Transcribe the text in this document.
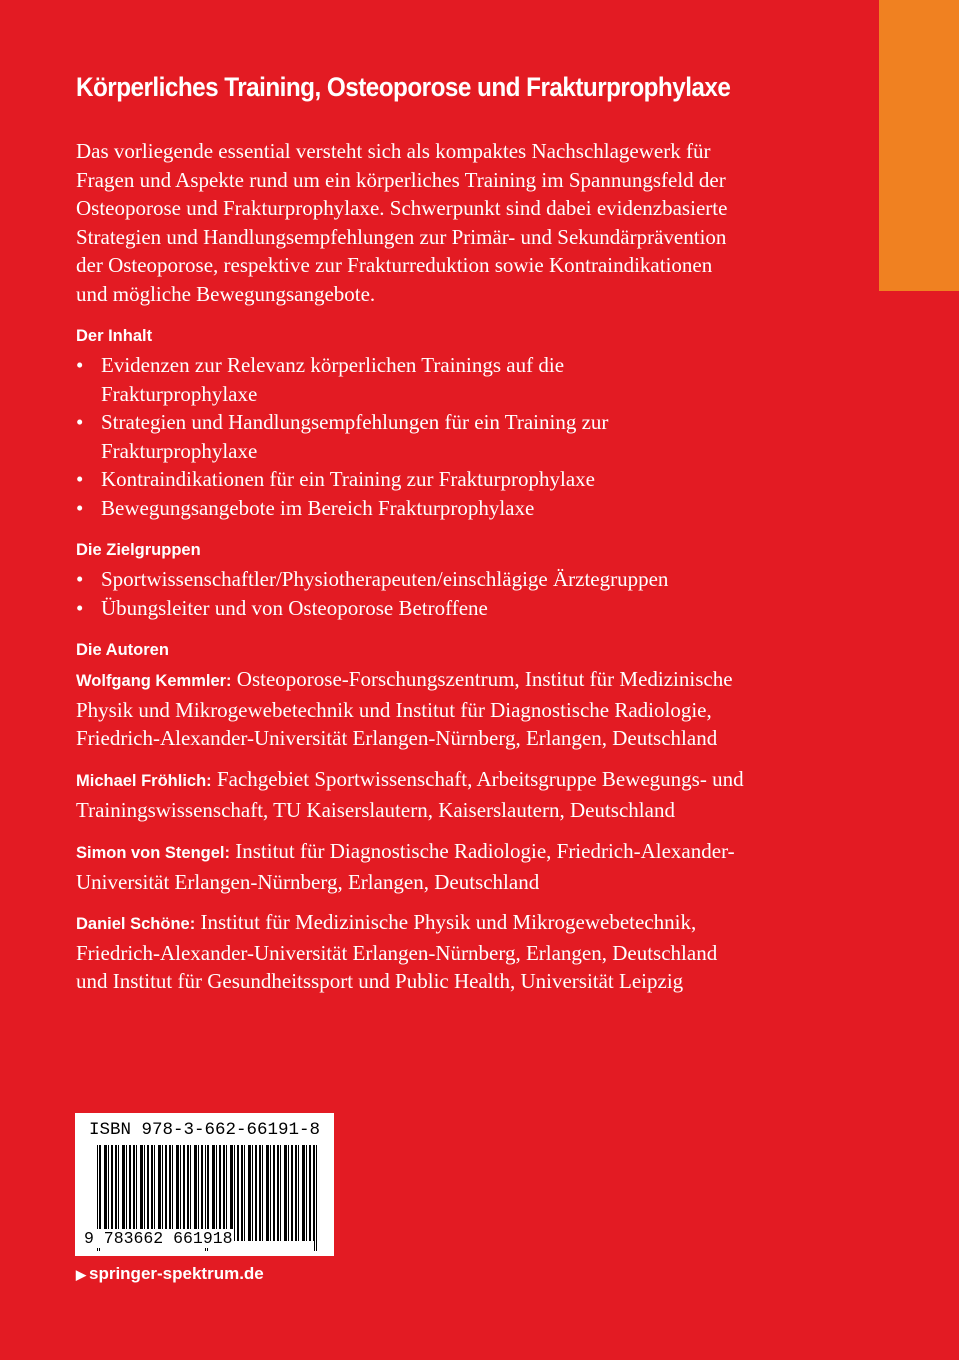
Körperliches Training, Osteoporose und Frakturprophylaxe

Das vorliegende essential versteht sich als kompaktes Nachschlagewerk für
Fragen und Aspekte rund um ein körperliches Training im Spannungsfeld der
Osteoporose und Frakturprophylaxe. Schwerpunkt sind dabei evidenzbasierte
Strategien und Handlungsempfehlungen zur Primär- und Sekundärprävention
der Osteoporose, respektive zur Frakturreduktion sowie Kontraindikationen
und mögliche Bewegungsangebote.

Der Inhalt
• Evidenzen zur Relevanz körperlichen Trainings auf die
Frakturprophylaxe
• Strategien und Handlungsempfehlungen für ein Training zur
Frakturprophylaxe
• Kontraindikationen für ein Training zur Frakturprophylaxe
• Bewegungsangebote im Bereich Frakturprophylaxe
Die Zielgruppen
• Sportwissenschaftler/Physiotherapeuten/einschlägige Ärztegruppen
• Übungsleiter und von Osteoporose Betroffene
Die Autoren

Wolfgang Kemmler: Osteoporose-Forschungszentrum, Institut für Medizinische
Physik und Mikrogewebetechnik und Institut für Diagnostische Radiologie,
Friedrich-Alexander-Universität Erlangen-Nürnberg, Erlangen, Deutschland

Michael Fröhlich: Fachgebiet Sportwissenschaft, Arbeitsgruppe Bewegungs- und
Trainingswissenschaft, TU Kaiserslautern, Kaiserslautern, Deutschland

Simon von Stengel: Institut für Diagnostische Radiologie, Friedrich-Alexander-
Universität Erlangen-Nürnberg, Erlangen, Deutschland

Daniel Schöne: Institut für Medizinische Physik und Mikrogewebetechnik,
Friedrich-Alexander-Universität Erlangen-Nürnberg, Erlangen, Deutschland
und Institut für Gesundheitssport und Public Health, Universität Leipzig

ISBN 978-3-662-66191-8

9 783662 661918

▶ springer-spektrum.de
